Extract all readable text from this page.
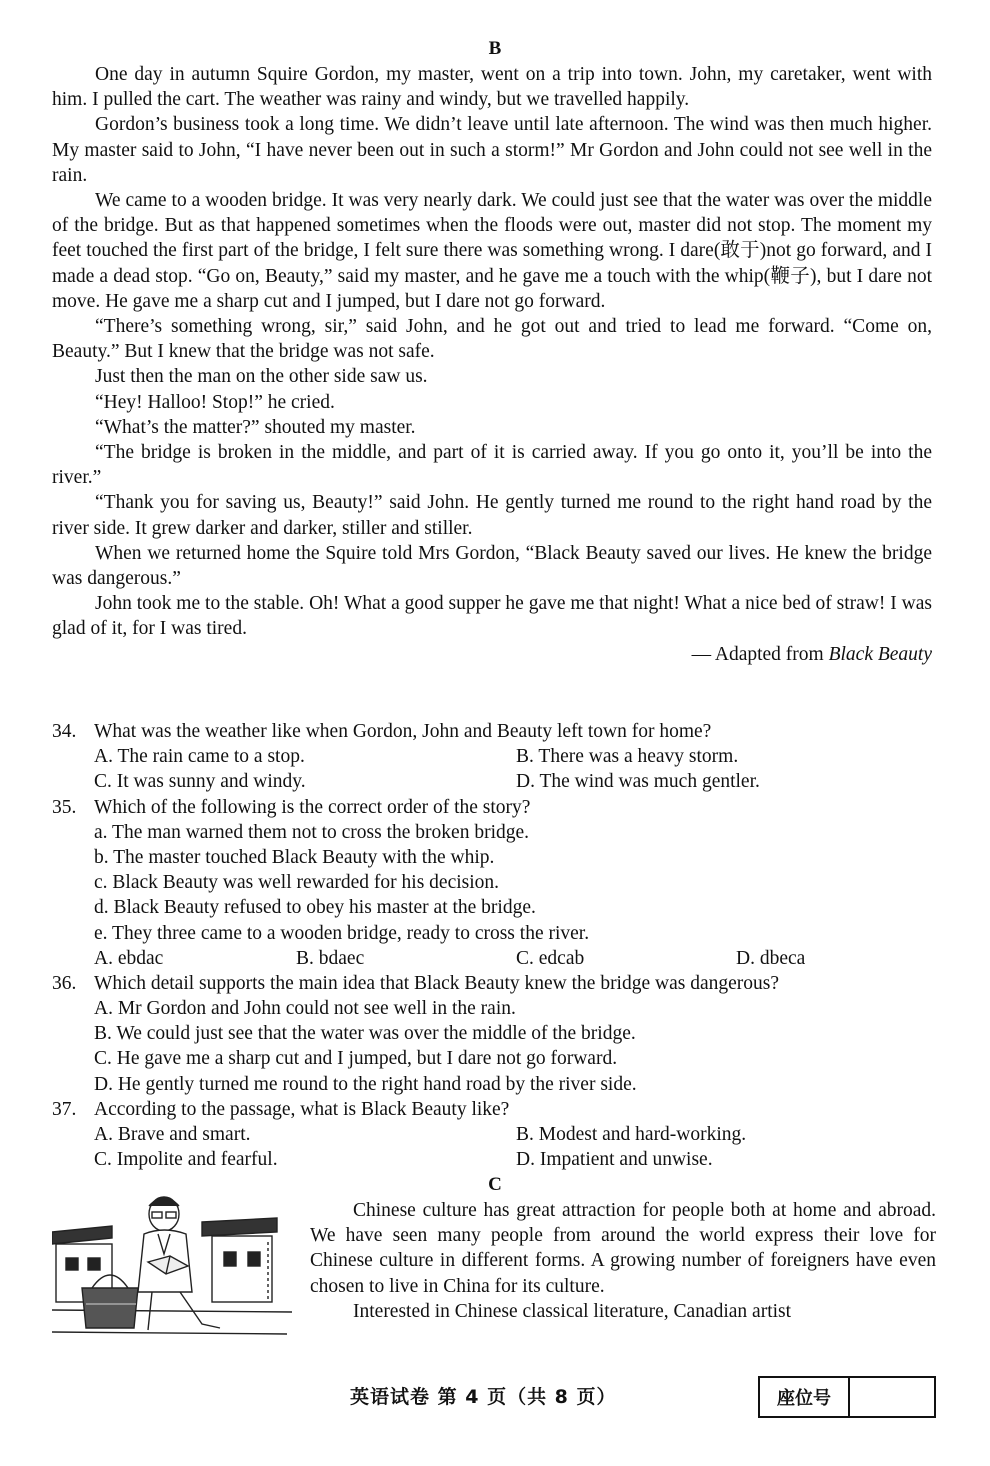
B

One day in autumn Squire Gordon, my master, went on a trip into town. John, my caretaker, went with him. I pulled the cart. The weather was rainy and windy, but we travelled happily.

Gordon’s business took a long time. We didn’t leave until late afternoon. The wind was then much higher. My master said to John, “I have never been out in such a storm!” Mr Gordon and John could not see well in the rain.

We came to a wooden bridge. It was very nearly dark. We could just see that the water was over the middle of the bridge. But as that happened sometimes when the floods were out, master did not stop. The moment my feet touched the first part of the bridge, I felt sure there was something wrong. I dare(敢于)not go forward, and I made a dead stop. “Go on, Beauty,” said my master, and he gave me a touch with the whip(鞭子), but I dare not move. He gave me a sharp cut and I jumped, but I dare not go forward.

“There’s something wrong, sir,” said John, and he got out and tried to lead me forward. “Come on, Beauty.” But I knew that the bridge was not safe.

Just then the man on the other side saw us.

“Hey! Halloo! Stop!” he cried.

“What’s the matter?” shouted my master.

“The bridge is broken in the middle, and part of it is carried away. If you go onto it, you’ll be into the river.”

“Thank you for saving us, Beauty!” said John. He gently turned me round to the right hand road by the river side. It grew darker and darker, stiller and stiller.

When we returned home the Squire told Mrs Gordon, “Black Beauty saved our lives. He knew the bridge was dangerous.”

John took me to the stable. Oh! What a good supper he gave me that night! What a nice bed of straw! I was glad of it, for I was tired.

— Adapted from Black Beauty

34. What was the weather like when Gordon, John and Beauty left town for home?
A. The rain came to a stop.	B. There was a heavy storm.
C. It was sunny and windy.	D. The wind was much gentler.
35. Which of the following is the correct order of the story?
a. The man warned them not to cross the broken bridge.
b. The master touched Black Beauty with the whip.
c. Black Beauty was well rewarded for his decision.
d. Black Beauty refused to obey his master at the bridge.
e. They three came to a wooden bridge, ready to cross the river.
A. ebdac	B. bdaec	C. edcab	D. dbeca
36. Which detail supports the main idea that Black Beauty knew the bridge was dangerous?
A. Mr Gordon and John could not see well in the rain.
B. We could just see that the water was over the middle of the bridge.
C. He gave me a sharp cut and I jumped, but I dare not go forward.
D. He gently turned me round to the right hand road by the river side.
37. According to the passage, what is Black Beauty like?
A. Brave and smart.	B. Modest and hard-working.
C. Impolite and fearful.	D. Impatient and unwise.
C

Chinese culture has great attraction for people both at home and abroad. We have seen many people from around the world express their love for Chinese culture in different forms. A growing number of foreigners have even chosen to live in China for its culture.

Interested in Chinese classical literature, Canadian artist

英语试卷 第 4 页（共 8 页）	座位号
